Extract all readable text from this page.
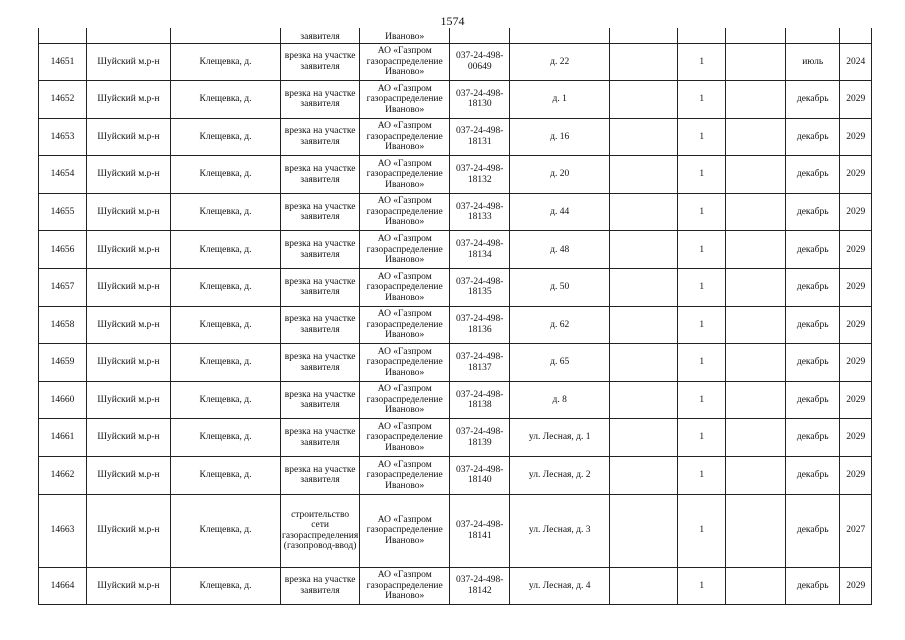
1574
			заявителя	Иваново»							
14651	Шуйский м.р-н	Клещевка, д.	врезка на участке заявителя	АО «Газпром газораспределение Иваново»	037-24-498-00649	д. 22		1		июль	2024
14652	Шуйский м.р-н	Клещевка, д.	врезка на участке заявителя	АО «Газпром газораспределение Иваново»	037-24-498-18130	д. 1		1		декабрь	2029
14653	Шуйский м.р-н	Клещевка, д.	врезка на участке заявителя	АО «Газпром газораспределение Иваново»	037-24-498-18131	д. 16		1		декабрь	2029
14654	Шуйский м.р-н	Клещевка, д.	врезка на участке заявителя	АО «Газпром газораспределение Иваново»	037-24-498-18132	д. 20		1		декабрь	2029
14655	Шуйский м.р-н	Клещевка, д.	врезка на участке заявителя	АО «Газпром газораспределение Иваново»	037-24-498-18133	д. 44		1		декабрь	2029
14656	Шуйский м.р-н	Клещевка, д.	врезка на участке заявителя	АО «Газпром газораспределение Иваново»	037-24-498-18134	д. 48		1		декабрь	2029
14657	Шуйский м.р-н	Клещевка, д.	врезка на участке заявителя	АО «Газпром газораспределение Иваново»	037-24-498-18135	д. 50		1		декабрь	2029
14658	Шуйский м.р-н	Клещевка, д.	врезка на участке заявителя	АО «Газпром газораспределение Иваново»	037-24-498-18136	д. 62		1		декабрь	2029
14659	Шуйский м.р-н	Клещевка, д.	врезка на участке заявителя	АО «Газпром газораспределение Иваново»	037-24-498-18137	д. 65		1		декабрь	2029
14660	Шуйский м.р-н	Клещевка, д.	врезка на участке заявителя	АО «Газпром газораспределение Иваново»	037-24-498-18138	д. 8		1		декабрь	2029
14661	Шуйский м.р-н	Клещевка, д.	врезка на участке заявителя	АО «Газпром газораспределение Иваново»	037-24-498-18139	ул. Лесная, д. 1		1		декабрь	2029
14662	Шуйский м.р-н	Клещевка, д.	врезка на участке заявителя	АО «Газпром газораспределение Иваново»	037-24-498-18140	ул. Лесная, д. 2		1		декабрь	2029
14663	Шуйский м.р-н	Клещевка, д.	строительство сети газораспределения (газопровод-ввод)	АО «Газпром газораспределение Иваново»	037-24-498-18141	ул. Лесная, д. 3		1		декабрь	2027
14664	Шуйский м.р-н	Клещевка, д.	врезка на участке заявителя	АО «Газпром газораспределение Иваново»	037-24-498-18142	ул. Лесная, д. 4		1		декабрь	2029
